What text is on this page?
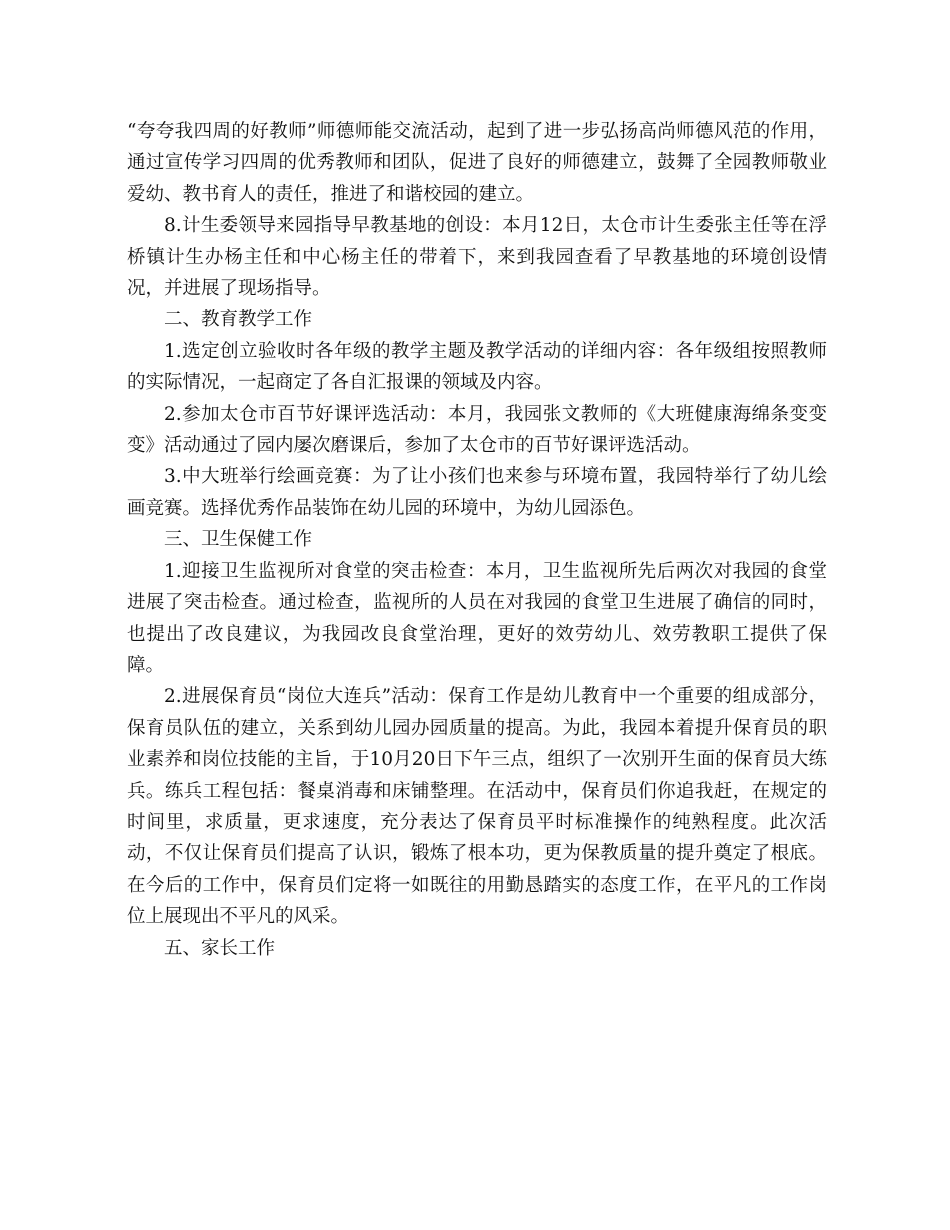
“夸夸我四周的好教师”师德师能交流活动，起到了进一步弘扬高尚师德风范的作用，通过宣传学习四周的优秀教师和团队，促进了良好的师德建立，鼓舞了全园教师敬业爱幼、教书育人的责任，推进了和谐校园的建立。

8.计生委领导来园指导早教基地的创设：本月12日，太仓市计生委张主任等在浮桥镇计生办杨主任和中心杨主任的带着下，来到我园查看了早教基地的环境创设情况，并进展了现场指导。

二、教育教学工作

1.选定创立验收时各年级的教学主题及教学活动的详细内容：各年级组按照教师的实际情况，一起商定了各自汇报课的领域及内容。

2.参加太仓市百节好课评选活动：本月，我园张文教师的《大班健康海绵条变变变》活动通过了园内屡次磨课后，参加了太仓市的百节好课评选活动。

3.中大班举行绘画竞赛：为了让小孩们也来参与环境布置，我园特举行了幼儿绘画竞赛。选择优秀作品装饰在幼儿园的环境中，为幼儿园添色。

三、卫生保健工作

1.迎接卫生监视所对食堂的突击检查：本月，卫生监视所先后两次对我园的食堂进展了突击检查。通过检查，监视所的人员在对我园的食堂卫生进展了确信的同时，也提出了改良建议，为我园改良食堂治理，更好的效劳幼儿、效劳教职工提供了保障。

2.进展保育员“岗位大连兵”活动：保育工作是幼儿教育中一个重要的组成部分，保育员队伍的建立，关系到幼儿园办园质量的提高。为此，我园本着提升保育员的职业素养和岗位技能的主旨，于10月20日下午三点，组织了一次别开生面的保育员大练兵。练兵工程包括：餐桌消毒和床铺整理。在活动中，保育员们你追我赶，在规定的时间里，求质量，更求速度，充分表达了保育员平时标准操作的纯熟程度。此次活动，不仅让保育员们提高了认识，锻炼了根本功，更为保教质量的提升奠定了根底。在今后的工作中，保育员们定将一如既往的用勤恳踏实的态度工作，在平凡的工作岗位上展现出不平凡的风采。

五、家长工作
